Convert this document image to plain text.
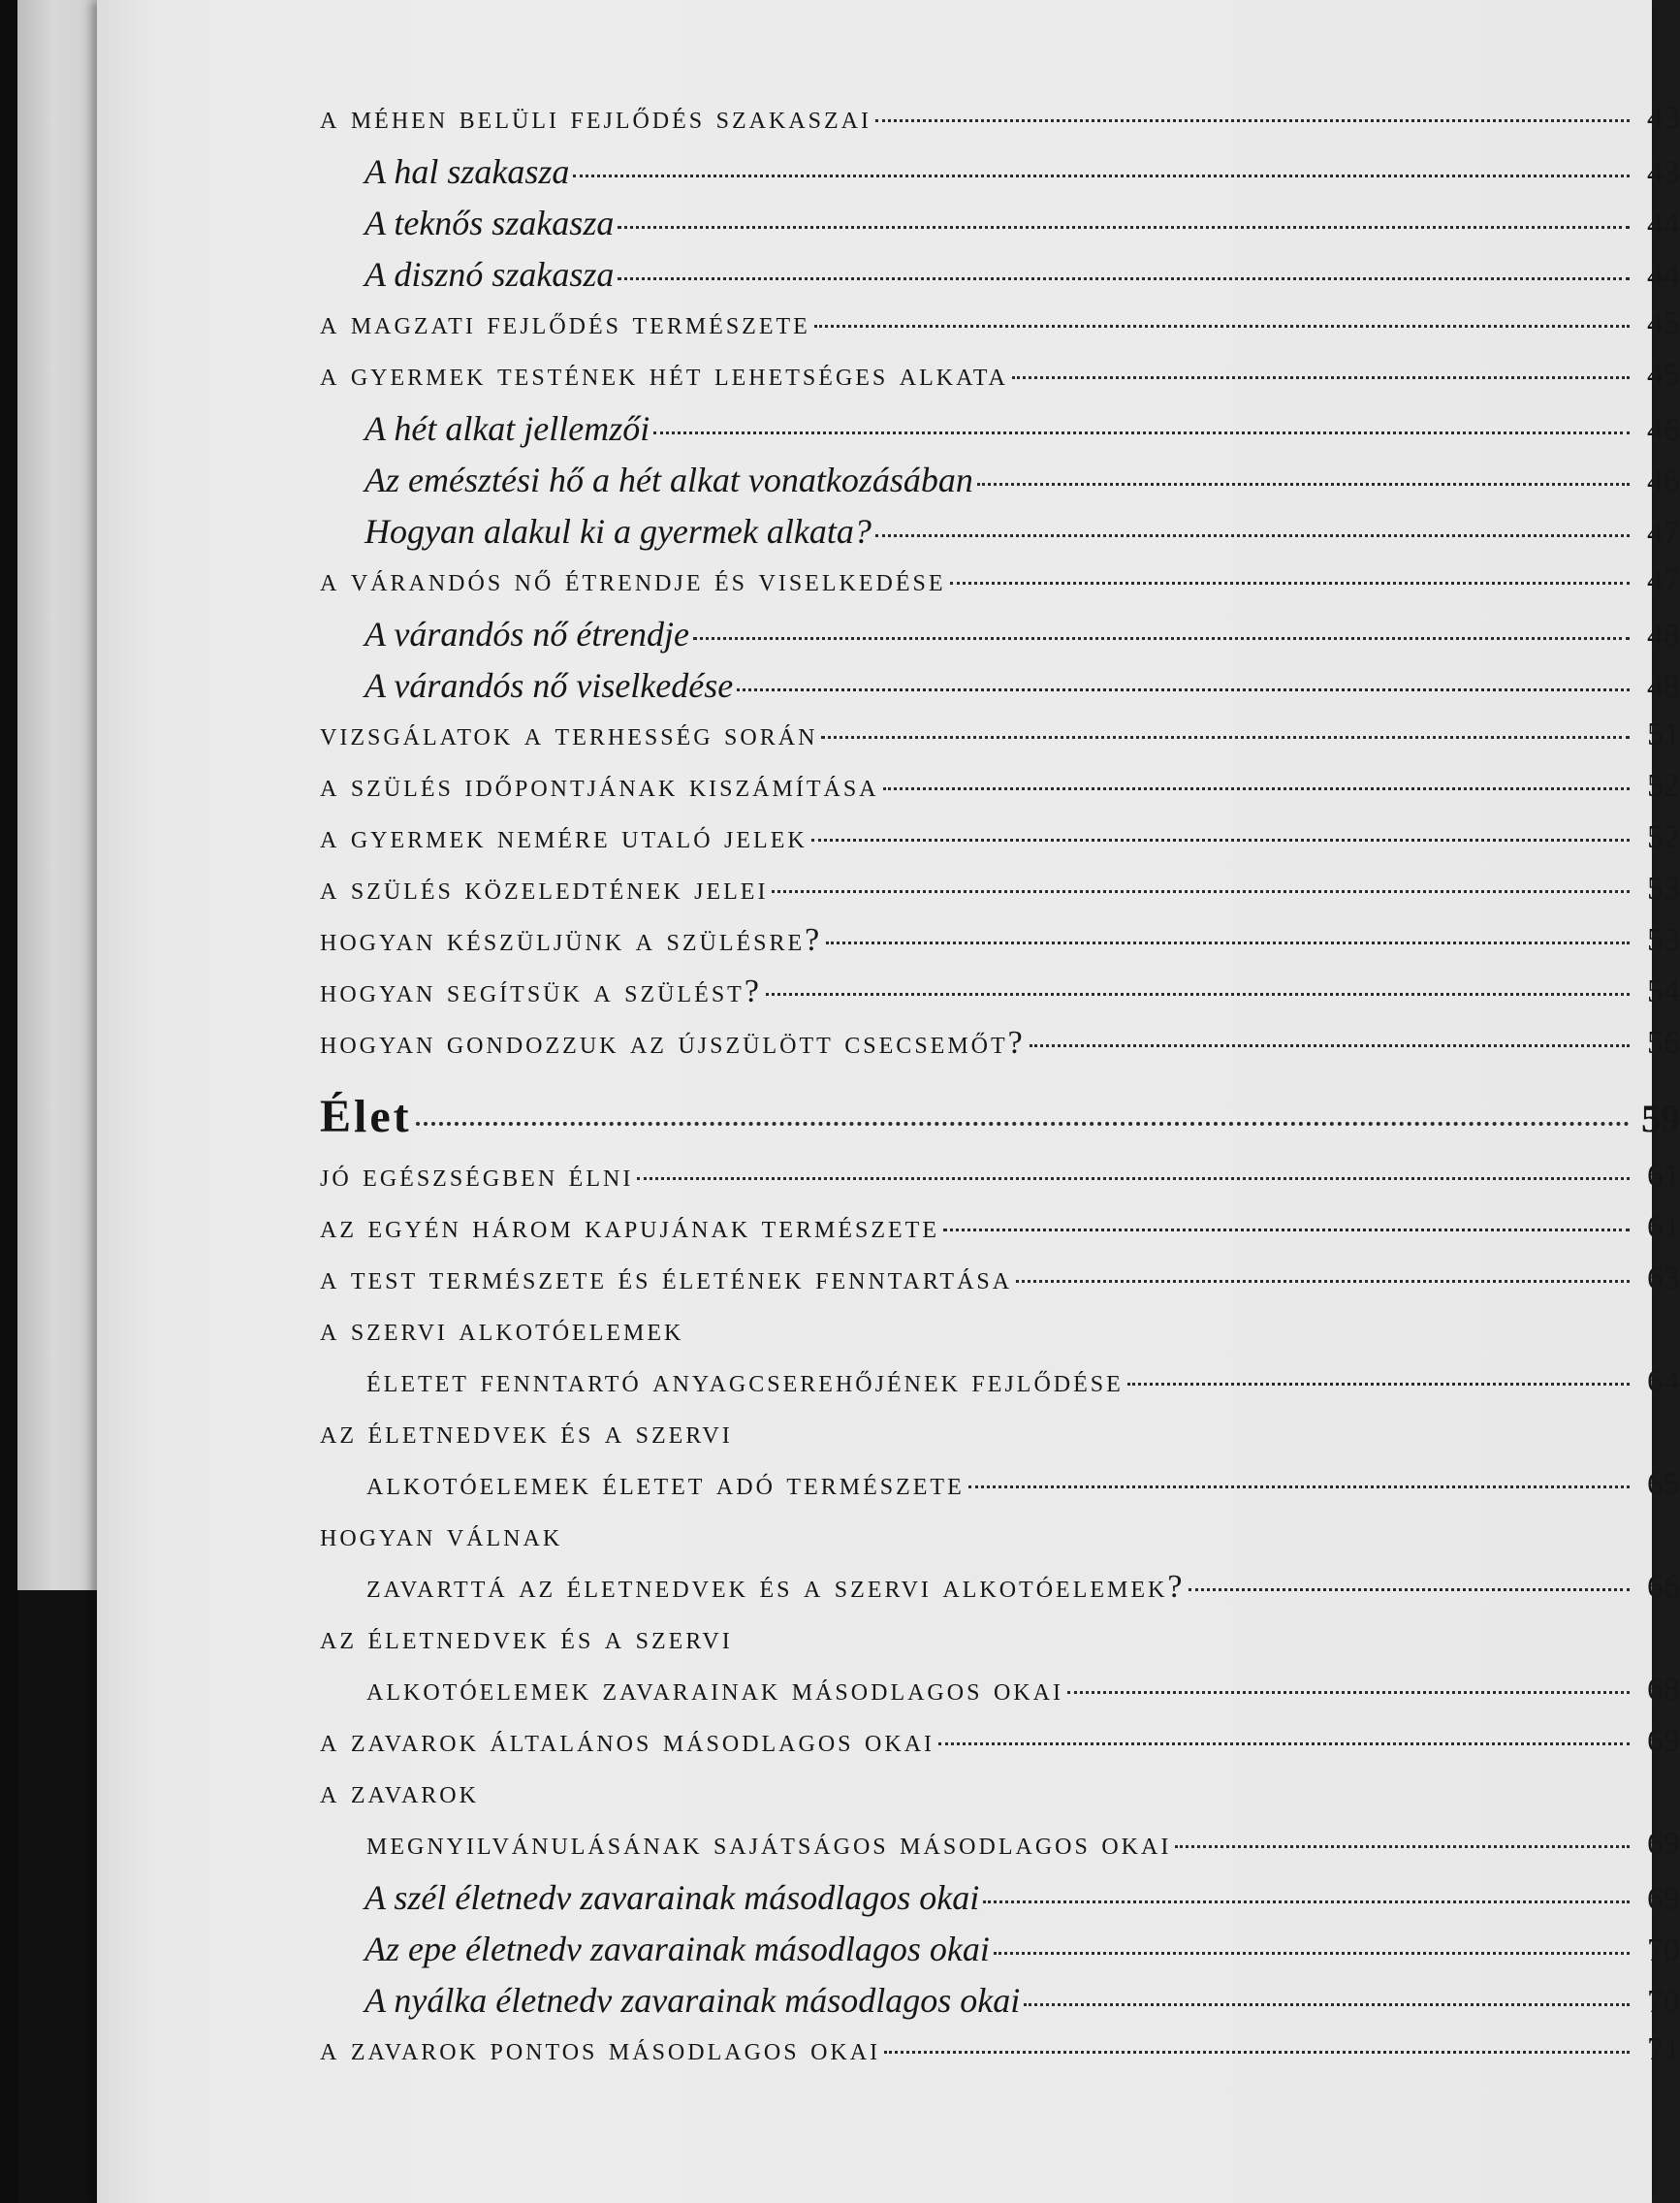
a méhen belüli fejlődés szakaszai	43
A hal szakasza	43
A teknős szakasza	44
A disznó szakasza	44
a magzati fejlődés természete	45
a gyermek testének hét lehetséges alkata	45
A hét alkat jellemzői	46
Az emésztési hő a hét alkat vonatkozásában	46
Hogyan alakul ki a gyermek alkata?	47
a várandós nő étrendje és viselkedése	47
A várandós nő étrendje	48
A várandós nő viselkedése	48
vizsgálatok a terhesség során	51
a szülés időpontjának kiszámítása	52
a gyermek nemére utaló jelek	52
a szülés közeledtének jelei	53
hogyan készüljünk a szülésre?	53
hogyan segítsük a szülést?	54
hogyan gondozzuk az újszülött csecsemőt?	56
Élet	59
jó egészségben élni	61
az egyén három kapujának természete	61
a test természete és életének fenntartása	63
a szervi alkotóelemek
életet fenntartó anyagcserehőjének fejlődése	64
az életnedvek és a szervi
alkotóelemek életet adó természete	65
hogyan válnak
zavarttá az életnedvek és a szervi alkotóelemek?	66
az életnedvek és a szervi
alkotóelemek zavarainak másodlagos okai	68
a zavarok általános másodlagos okai	69
a zavarok
megnyilvánulásának sajátságos másodlagos okai	69
A szél életnedv zavarainak másodlagos okai	69
Az epe életnedv zavarainak másodlagos okai	70
A nyálka életnedv zavarainak másodlagos okai	70
a zavarok pontos másodlagos okai	71
